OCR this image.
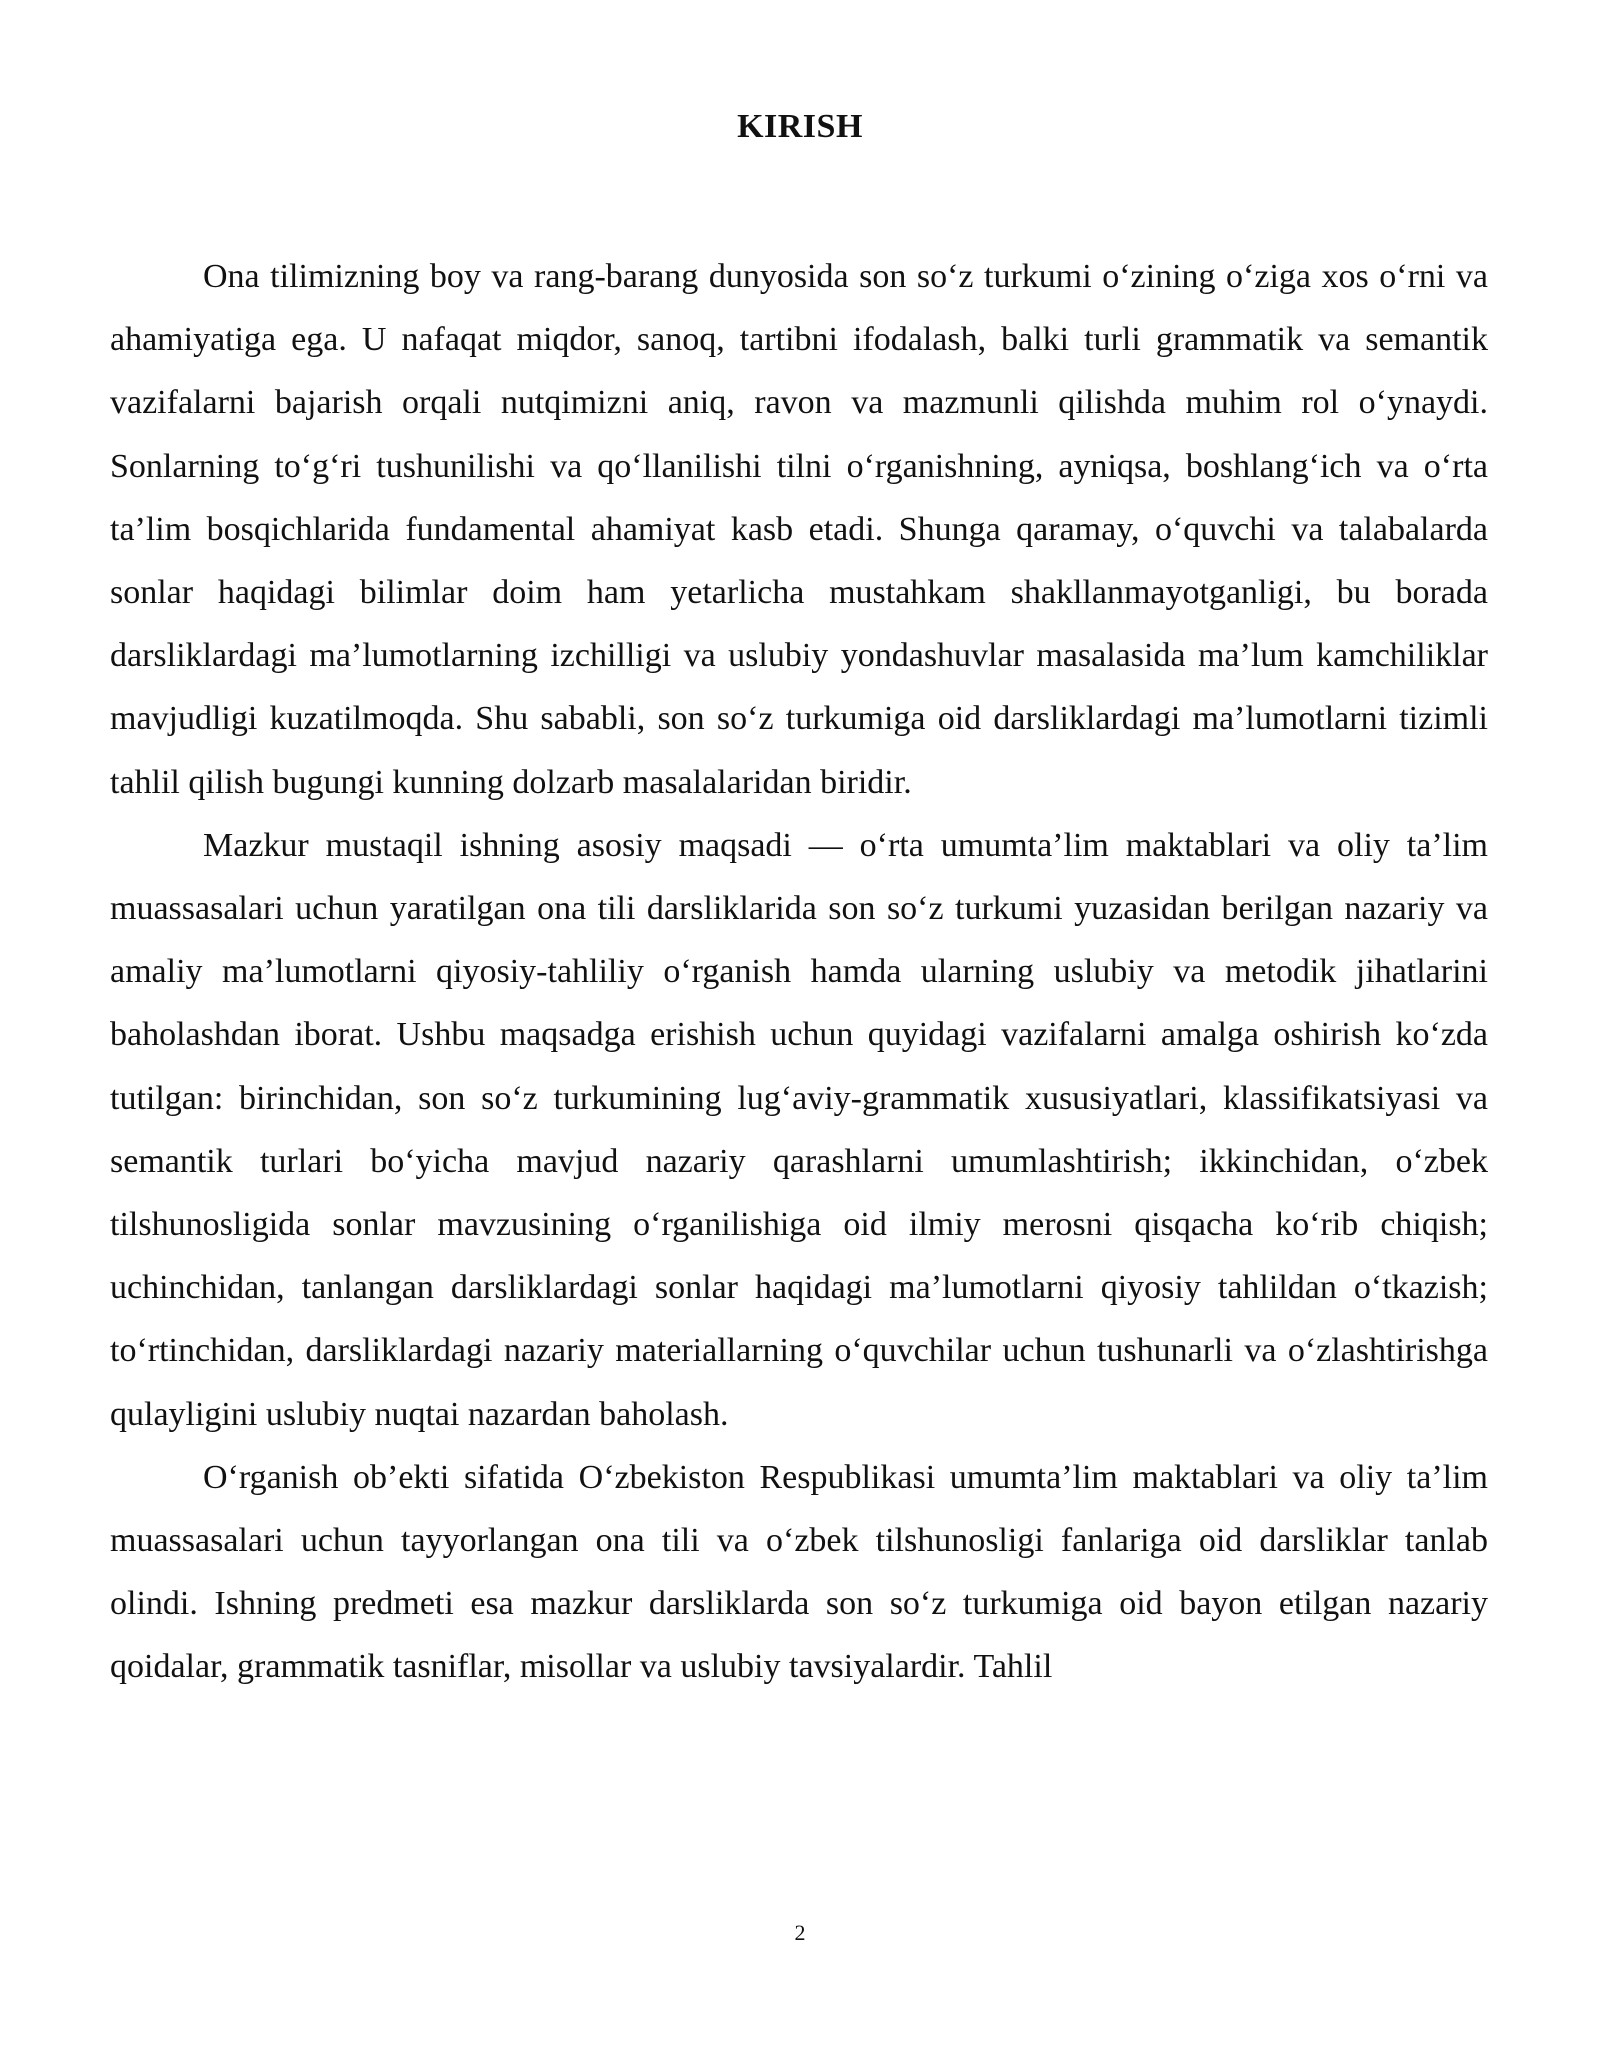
KIRISH

Ona tilimizning boy va rang-barang dunyosida son so‘z turkumi o‘zining o‘ziga xos o‘rni va ahamiyatiga ega. U nafaqat miqdor, sanoq, tartibni ifodalash, balki turli grammatik va semantik vazifalarni bajarish orqali nutqimizni aniq, ravon va mazmunli qilishda muhim rol o‘ynaydi. Sonlarning to‘g‘ri tushunilishi va qo‘llanilishi tilni o‘rganishning, ayniqsa, boshlang‘ich va o‘rta ta’lim bosqichlarida fundamental ahamiyat kasb etadi. Shunga qaramay, o‘quvchi va talabalarda sonlar haqidagi bilimlar doim ham yetarlicha mustahkam shakllanmayotganligi, bu borada darsliklardagi ma’lumotlarning izchilligi va uslubiy yondashuvlar masalasida ma’lum kamchiliklar mavjudligi kuzatilmoqda. Shu sababli, son so‘z turkumiga oid darsliklardagi ma’lumotlarni tizimli tahlil qilish bugungi kunning dolzarb masalalaridan biridir.

Mazkur mustaqil ishning asosiy maqsadi — o‘rta umumta’lim maktablari va oliy ta’lim muassasalari uchun yaratilgan ona tili darsliklarida son so‘z turkumi yuzasidan berilgan nazariy va amaliy ma’lumotlarni qiyosiy-tahliliy o‘rganish hamda ularning uslubiy va metodik jihatlarini baholashdan iborat. Ushbu maqsadga erishish uchun quyidagi vazifalarni amalga oshirish ko‘zda tutilgan: birinchidan, son so‘z turkumining lug‘aviy-grammatik xususiyatlari, klassifikatsiyasi va semantik turlari bo‘yicha mavjud nazariy qarashlarni umumlashtirish; ikkinchidan, o‘zbek tilshunosligida sonlar mavzusining o‘rganilishiga oid ilmiy merosni qisqacha ko‘rib chiqish; uchinchidan, tanlangan darsliklardagi sonlar haqidagi ma’lumotlarni qiyosiy tahlildan o‘tkazish; to‘rtinchidan, darsliklardagi nazariy materiallarning o‘quvchilar uchun tushunarli va o‘zlashtirishga qulayligini uslubiy nuqtai nazardan baholash.

O‘rganish ob’ekti sifatida O‘zbekiston Respublikasi umumta’lim maktablari va oliy ta’lim muassasalari uchun tayyorlangan ona tili va o‘zbek tilshunosligi fanlariga oid darsliklar tanlab olindi. Ishning predmeti esa mazkur darsliklarda son so‘z turkumiga oid bayon etilgan nazariy qoidalar, grammatik tasniflar, misollar va uslubiy tavsiyalardir. Tahlil

2
